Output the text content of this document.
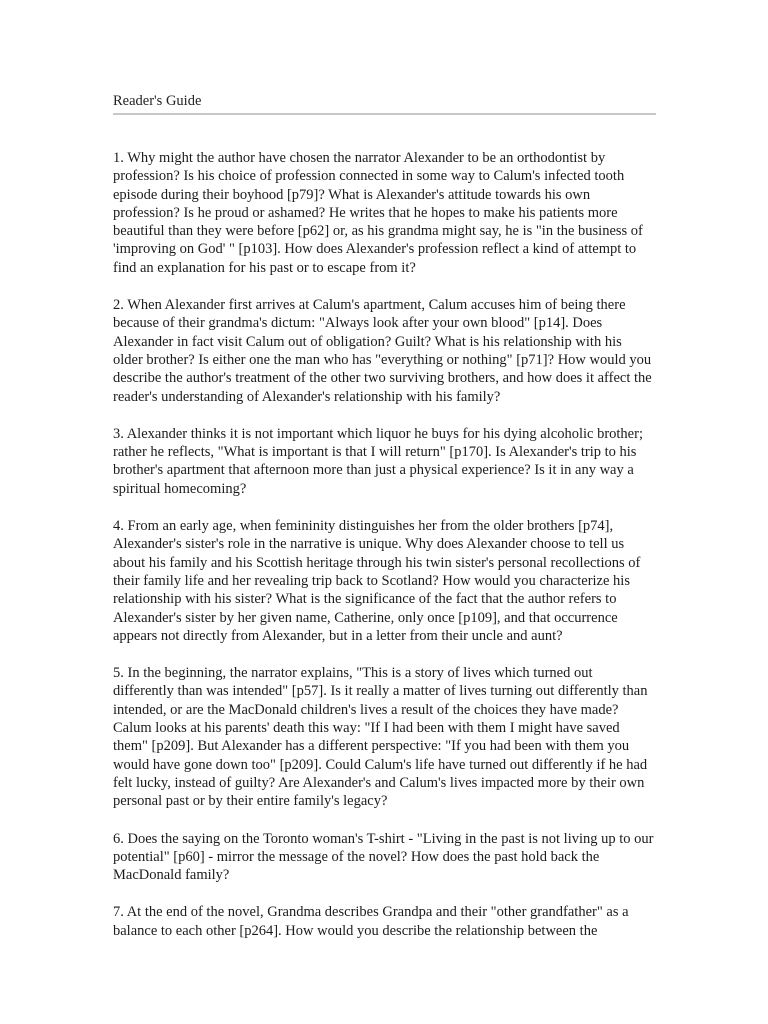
Reader's Guide

1. Why might the author have chosen the narrator Alexander to be an orthodontist by profession? Is his choice of profession connected in some way to Calum's infected tooth episode during their boyhood [p79]? What is Alexander's attitude towards his own profession? Is he proud or ashamed? He writes that he hopes to make his patients more beautiful than they were before [p62] or, as his grandma might say, he is "in the business of 'improving on God' " [p103]. How does Alexander's profession reflect a kind of attempt to find an explanation for his past or to escape from it?

2. When Alexander first arrives at Calum's apartment, Calum accuses him of being there because of their grandma's dictum: "Always look after your own blood" [p14]. Does Alexander in fact visit Calum out of obligation? Guilt? What is his relationship with his older brother? Is either one the man who has "everything or nothing" [p71]? How would you describe the author's treatment of the other two surviving brothers, and how does it affect the reader's understanding of Alexander's relationship with his family?

3. Alexander thinks it is not important which liquor he buys for his dying alcoholic brother; rather he reflects, "What is important is that I will return" [p170]. Is Alexander's trip to his brother's apartment that afternoon more than just a physical experience? Is it in any way a spiritual homecoming?

4. From an early age, when femininity distinguishes her from the older brothers [p74], Alexander's sister's role in the narrative is unique. Why does Alexander choose to tell us about his family and his Scottish heritage through his twin sister's personal recollections of their family life and her revealing trip back to Scotland? How would you characterize his relationship with his sister? What is the significance of the fact that the author refers to Alexander's sister by her given name, Catherine, only once [p109], and that occurrence appears not directly from Alexander, but in a letter from their uncle and aunt?

5. In the beginning, the narrator explains, "This is a story of lives which turned out differently than was intended" [p57]. Is it really a matter of lives turning out differently than intended, or are the MacDonald children's lives a result of the choices they have made? Calum looks at his parents' death this way: "If I had been with them I might have saved them" [p209]. But Alexander has a different perspective: "If you had been with them you would have gone down too" [p209]. Could Calum's life have turned out differently if he had felt lucky, instead of guilty? Are Alexander's and Calum's lives impacted more by their own personal past or by their entire family's legacy?

6. Does the saying on the Toronto woman's T-shirt - "Living in the past is not living up to our potential" [p60] - mirror the message of the novel? How does the past hold back the MacDonald family?

7. At the end of the novel, Grandma describes Grandpa and their "other grandfather" as a balance to each other [p264]. How would you describe the relationship between the
